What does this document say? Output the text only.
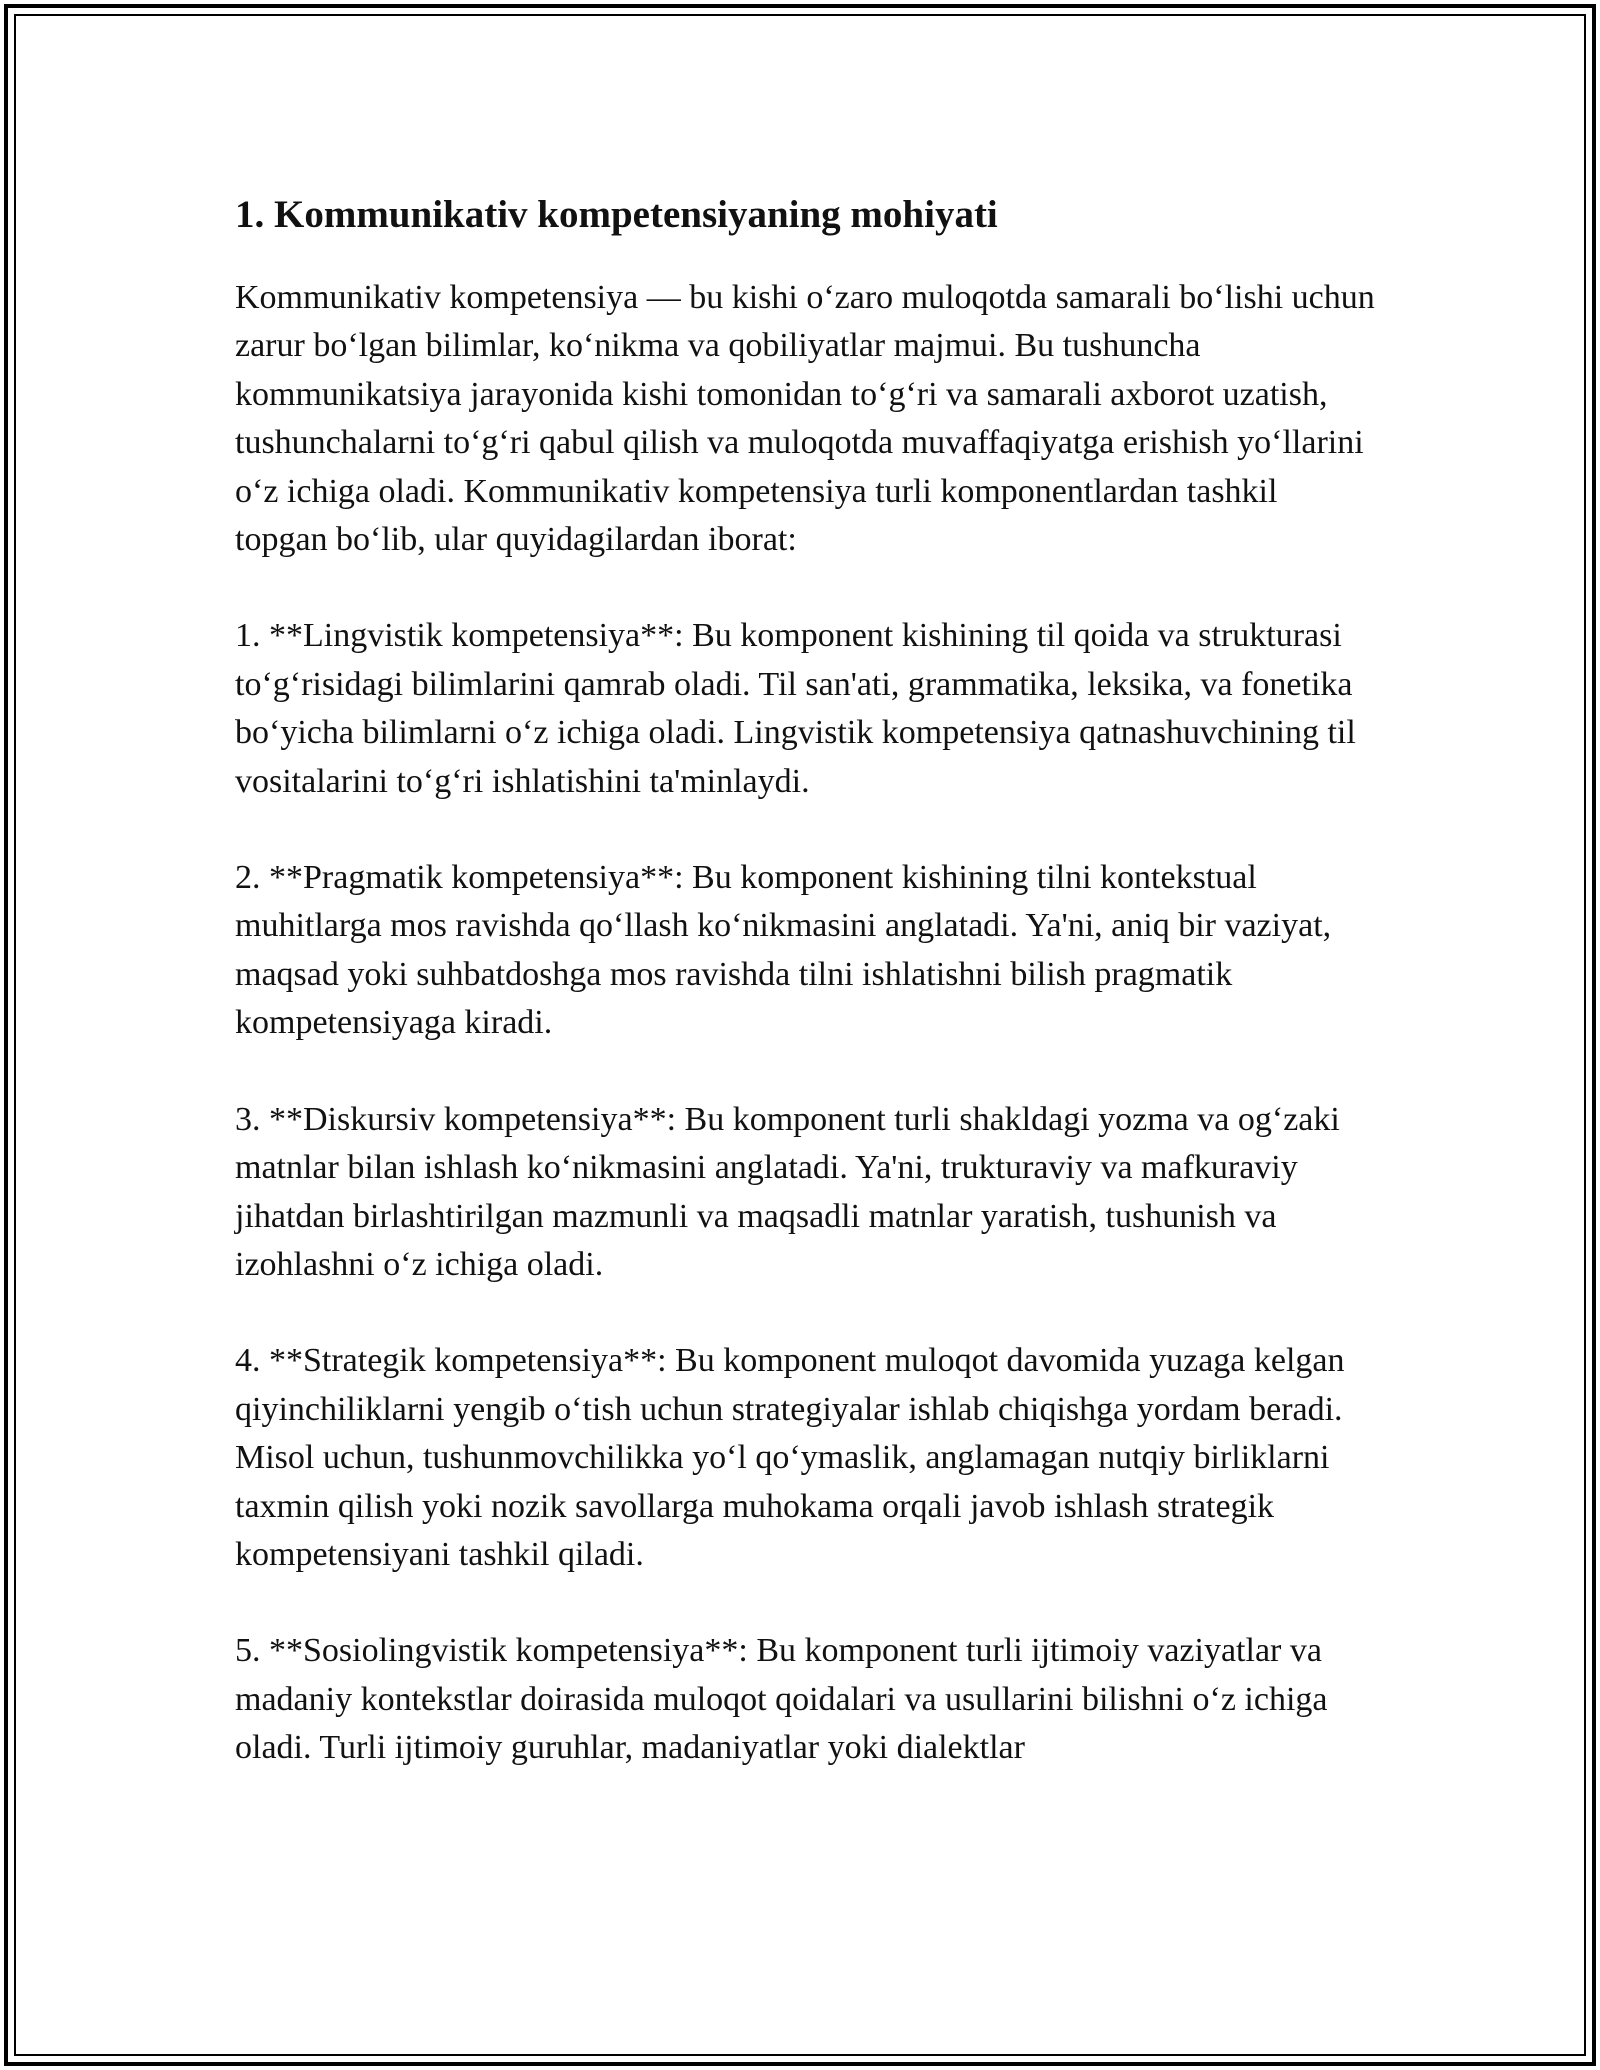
1. Kommunikativ kompetensiyaning mohiyati

Kommunikativ kompetensiya — bu kishi o‘zaro muloqotda samarali bo‘lishi uchun zarur bo‘lgan bilimlar, ko‘nikma va qobiliyatlar majmui. Bu tushuncha kommunikatsiya jarayonida kishi tomonidan to‘g‘ri va samarali axborot uzatish, tushunchalarni to‘g‘ri qabul qilish va muloqotda muvaffaqiyatga erishish yo‘llarini o‘z ichiga oladi. Kommunikativ kompetensiya turli komponentlardan tashkil topgan bo‘lib, ular quyidagilardan iborat:

1. **Lingvistik kompetensiya**: Bu komponent kishining til qoida va strukturasi to‘g‘risidagi bilimlarini qamrab oladi. Til san'ati, grammatika, leksika, va fonetika bo‘yicha bilimlarni o‘z ichiga oladi. Lingvistik kompetensiya qatnashuvchining til vositalarini to‘g‘ri ishlatishini ta'minlaydi.

2. **Pragmatik kompetensiya**: Bu komponent kishining tilni kontekstual muhitlarga mos ravishda qo‘llash ko‘nikmasini anglatadi. Ya'ni, aniq bir vaziyat, maqsad yoki suhbatdoshga mos ravishda tilni ishlatishni bilish pragmatik kompetensiyaga kiradi.

3. **Diskursiv kompetensiya**: Bu komponent turli shakldagi yozma va og‘zaki matnlar bilan ishlash ko‘nikmasini anglatadi. Ya'ni, trukturaviy va mafkuraviy jihatdan birlashtirilgan mazmunli va maqsadli matnlar yaratish, tushunish va izohlashni o‘z ichiga oladi.

4. **Strategik kompetensiya**: Bu komponent muloqot davomida yuzaga kelgan qiyinchiliklarni yengib o‘tish uchun strategiyalar ishlab chiqishga yordam beradi. Misol uchun, tushunmovchilikka yo‘l qo‘ymaslik, anglamagan nutqiy birliklarni taxmin qilish yoki nozik savollarga muhokama orqali javob ishlash strategik kompetensiyani tashkil qiladi.

5. **Sosiolingvistik kompetensiya**: Bu komponent turli ijtimoiy vaziyatlar va madaniy kontekstlar doirasida muloqot qoidalari va usullarini bilishni o‘z ichiga oladi. Turli ijtimoiy guruhlar, madaniyatlar yoki dialektlar
